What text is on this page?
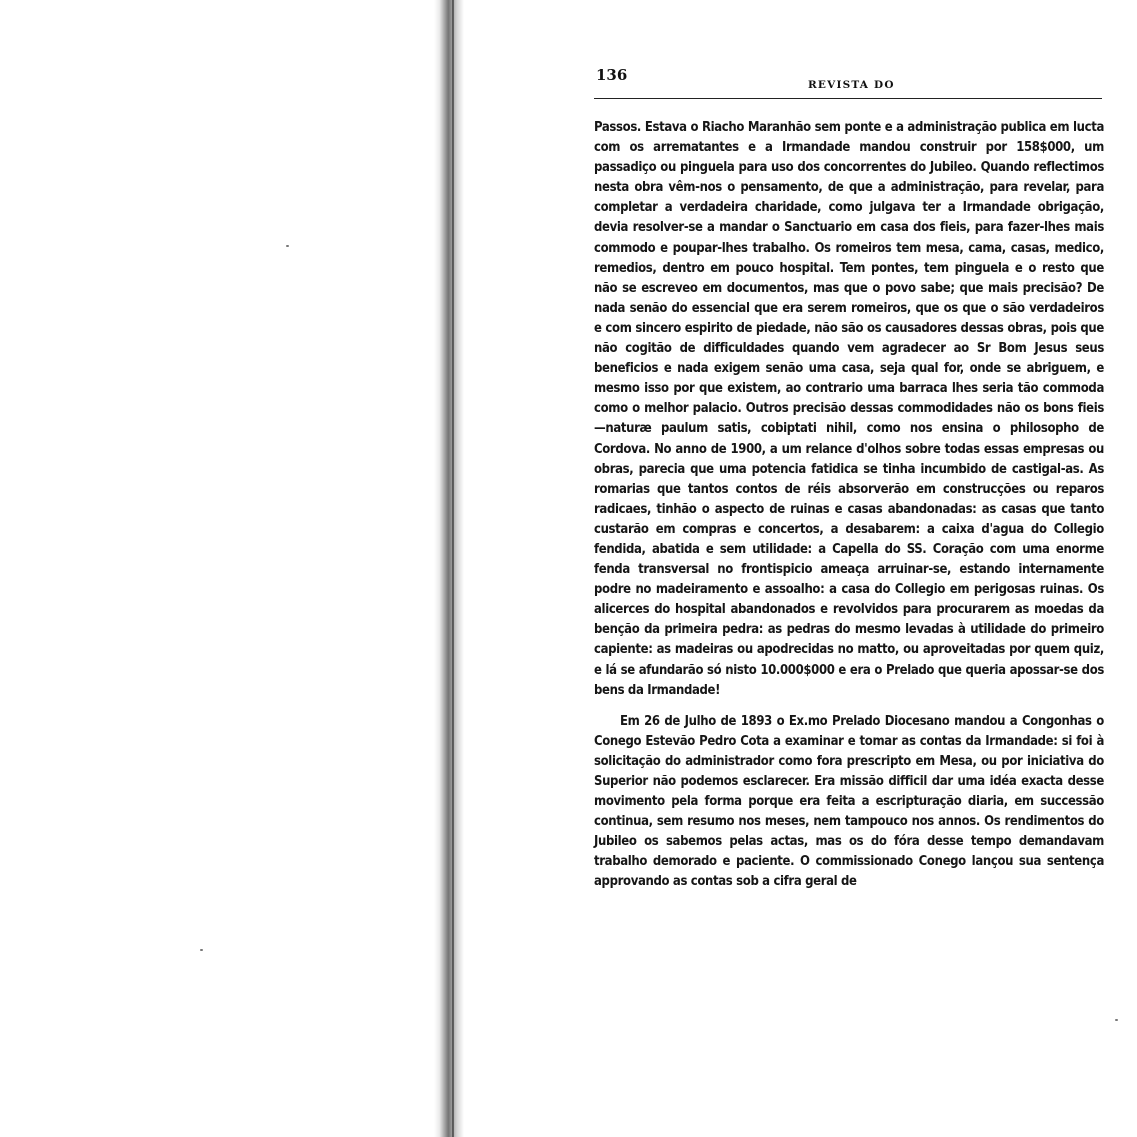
136

REVISTA DO

Passos. Estava o Riacho Maranhão sem ponte e a administração publica em lucta com os arrematantes e a Irmandade mandou construir por 158$000, um passadiço ou pinguela para uso dos concorrentes do Jubileo. Quando reflectimos nesta obra vêm-nos o pensamento, de que a administração, para revelar, para completar a verdadeira charidade, como julgava ter a Irmandade obrigação, devia resolver-se a mandar o Sanctuario em casa dos fieis, para fazer-lhes mais commodo e poupar-lhes trabalho. Os romeiros tem mesa, cama, casas, medico, remedios, dentro em pouco hospital. Tem pontes, tem pinguela e o resto que não se escreveo em documentos, mas que o povo sabe; que mais precisão? De nada senão do essencial que era serem romeiros, que os que o são verdadeiros e com sincero espirito de piedade, não são os causadores dessas obras, pois que não cogitão de difficuldades quando vem agradecer ao Sr Bom Jesus seus beneficios e nada exigem senão uma casa, seja qual for, onde se abriguem, e mesmo isso por que existem, ao contrario uma barraca lhes seria tão commoda como o melhor palacio. Outros precisão dessas commodidades não os bons fieis—naturæ paulum satis, cobiptati nihil, como nos ensina o philosopho de Cordova. No anno de 1900, a um relance d'olhos sobre todas essas empresas ou obras, parecia que uma potencia fatidica se tinha incumbido de castigal-as. As romarias que tantos contos de réis absorverão em construcções ou reparos radicaes, tinhão o aspecto de ruinas e casas abandonadas: as casas que tanto custarão em compras e concertos, a desabarem: a caixa d'agua do Collegio fendida, abatida e sem utilidade: a Capella do SS. Coração com uma enorme fenda transversal no frontispicio ameaça arruinar-se, estando internamente podre no madeiramento e assoalho: a casa do Collegio em perigosas ruinas. Os alicerces do hospital abandonados e revolvidos para procurarem as moedas da benção da primeira pedra: as pedras do mesmo levadas à utilidade do primeiro capiente: as madeiras ou apodrecidas no matto, ou aproveitadas por quem quiz, e lá se afundarão só nisto 10.000$000 e era o Prelado que queria apossar-se dos bens da Irmandade!

Em 26 de Julho de 1893 o Ex.mo Prelado Diocesano mandou a Congonhas o Conego Estevão Pedro Cota a examinar e tomar as contas da Irmandade: si foi à solicitação do administrador como fora prescripto em Mesa, ou por iniciativa do Superior não podemos esclarecer. Era missão difficil dar uma idéa exacta desse movimento pela forma porque era feita a escripturação diaria, em successão continua, sem resumo nos meses, nem tampouco nos annos. Os rendimentos do Jubileo os sabemos pelas actas, mas os do fóra desse tempo demandavam trabalho demorado e paciente. O commissionado Conego lançou sua sentença approvando as contas sob a cifra geral de
